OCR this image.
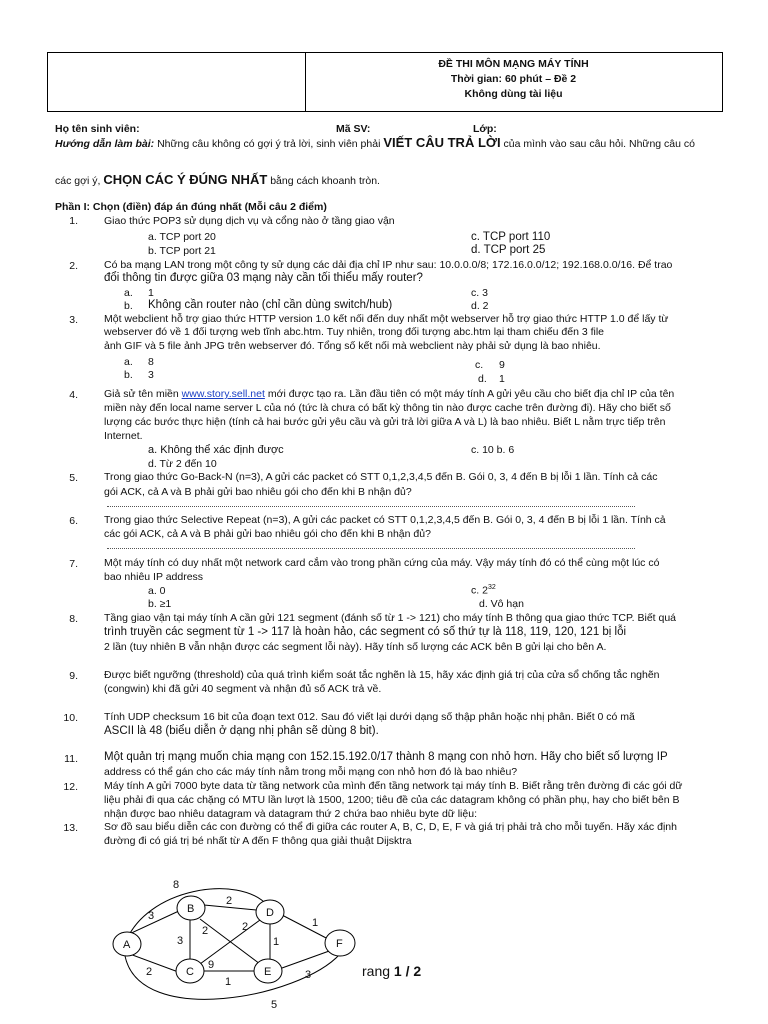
ĐỀ THI MÔN MẠNG MÁY TÍNH
Thời gian: 60 phút – Đề 2
Không dùng tài liệu
Họ tên sinh viên:	Mã SV:	Lớp:
Hướng dẫn làm bài: Những câu không có gợi ý trả lời, sinh viên phải VIẾT CÂU TRẢ LỜI của mình vào sau câu hỏi. Những câu có
các gợi ý, CHỌN CÁC Ý ĐÚNG NHẤT bằng cách khoanh tròn.
Phần I: Chọn (điền) đáp án đúng nhất (Mỗi câu 2 điểm)
1. Giao thức POP3 sử dụng dịch vụ và cổng nào ở tầng giao vận
a. TCP port 20	c. TCP port 110
b. TCP port 21	d. TCP port 25
2. Có ba mạng LAN trong một công ty sử dụng các dải địa chỉ IP như sau: 10.0.0.0/8; 172.16.0.0/12; 192.168.0.0/16. Để trao
đổi thông tin được giữa 03 mạng này cần tối thiểu mấy router?
a. 1	c. 3
b. Không cần router nào (chỉ cần dùng switch/hub)	d. 2
3. Một webclient hỗ trợ giao thức HTTP version 1.0 kết nối đến duy nhất một webserver hỗ trợ giao thức HTTP 1.0 để lấy từ
webserver đó về 1 đối tượng web tĩnh abc.htm. Tuy nhiên, trong đối tượng abc.htm lại tham chiếu đến 3 file
ảnh GIF và 5 file ảnh JPG trên webserver đó. Tổng số kết nối mà webclient này phải sử dụng là bao nhiêu.
a. 8	c. 9
b. 3	d. 1
4. Giả sử tên miền www.story.sell.net mới được tạo ra. Lần đầu tiên có một máy tính A gửi yêu cầu cho biết địa chỉ IP của tên
miền này đến local name server L của nó (tức là chưa có bất kỳ thông tin nào được cache trên đường đi). Hãy cho biết số
lượng các bước thực hiện (tính cả hai bước gửi yêu cầu và gửi trả lời giữa A và L) là bao nhiêu. Biết L nằm trực tiếp trên
Internet.
a. Không thể xác định được	c. 10 b. 6
d. Từ 2 đến 10
5. Trong giao thức Go-Back-N (n=3), A gửi các packet có STT 0,1,2,3,4,5 đến B. Gói 0, 3, 4 đến B bị lỗi 1 lần. Tính cả các
gói ACK, cả A và B phải gửi bao nhiêu gói cho đến khi B nhận đủ?
6. Trong giao thức Selective Repeat (n=3), A gửi các packet có STT 0,1,2,3,4,5 đến B. Gói 0, 3, 4 đến B bị lỗi 1 lần. Tính cả
các gói ACK, cả A và B phải gửi bao nhiêu gói cho đến khi B nhận đủ?
7. Một máy tính có duy nhất một network card cắm vào trong phần cứng của máy. Vậy máy tính đó có thể cùng một lúc có
bao nhiêu IP address
a. 0	c. $2^{32}$
b. ≥1	d. Vô hạn
8. Tầng giao vận tại máy tính A cần gửi 121 segment (đánh số từ 1 -> 121) cho máy tính B thông qua giao thức TCP. Biết quá
trình truyền các segment từ 1 -> 117 là hoàn hảo, các segment có số thứ tự là 118, 119, 120, 121 bị lỗi
2 lần (tuy nhiên B vẫn nhận được các segment lỗi này). Hãy tính số lượng các ACK bên B gửi lại cho bên A.
9. Được biết ngưỡng (threshold) của quá trình kiểm soát tắc nghẽn là 15, hãy xác định giá trị của cửa sổ chống tắc nghẽn
(congwin) khi đã gửi 40 segment và nhận đủ số ACK trả về.
10. Tính UDP checksum 16 bit của đoạn text 012. Sau đó viết lại dưới dạng số thập phân hoặc nhị phân. Biết 0 có mã
ASCII là 48 (biểu diễn ở dạng nhị phân sẽ dùng 8 bit).
11. Một quản trị mạng muốn chia mạng con 152.15.192.0/17 thành 8 mạng con nhỏ hơn. Hãy cho biết số lượng IP
address có thể gán cho các máy tính nằm trong mỗi mạng con nhỏ hơn đó là bao nhiêu?
12. Máy tính A gửi 7000 byte data từ tầng network của mình đến tầng network tại máy tính B. Biết rằng trên đường đi các gói dữ
liệu phải đi qua các chặng có MTU lần lượt là 1500, 1200; tiêu đề của các datagram không có phần phụ, hay cho biết bên B
nhận được bao nhiêu datagram và datagram thứ 2 chứa bao nhiêu byte dữ liệu:
13. Sơ đồ sau biểu diễn các con đường có thể đi giữa các router A, B, C, D, E, F và giá trị phải trả cho mỗi tuyến. Hãy xác định
đường đi có giá trị bé nhất từ A đến F thông qua giải thuật Dijsktra
A
B
C
D
E
F
8
3
2
3
2
1
2
9
1
3
2	1
5
rang 1 / 2
